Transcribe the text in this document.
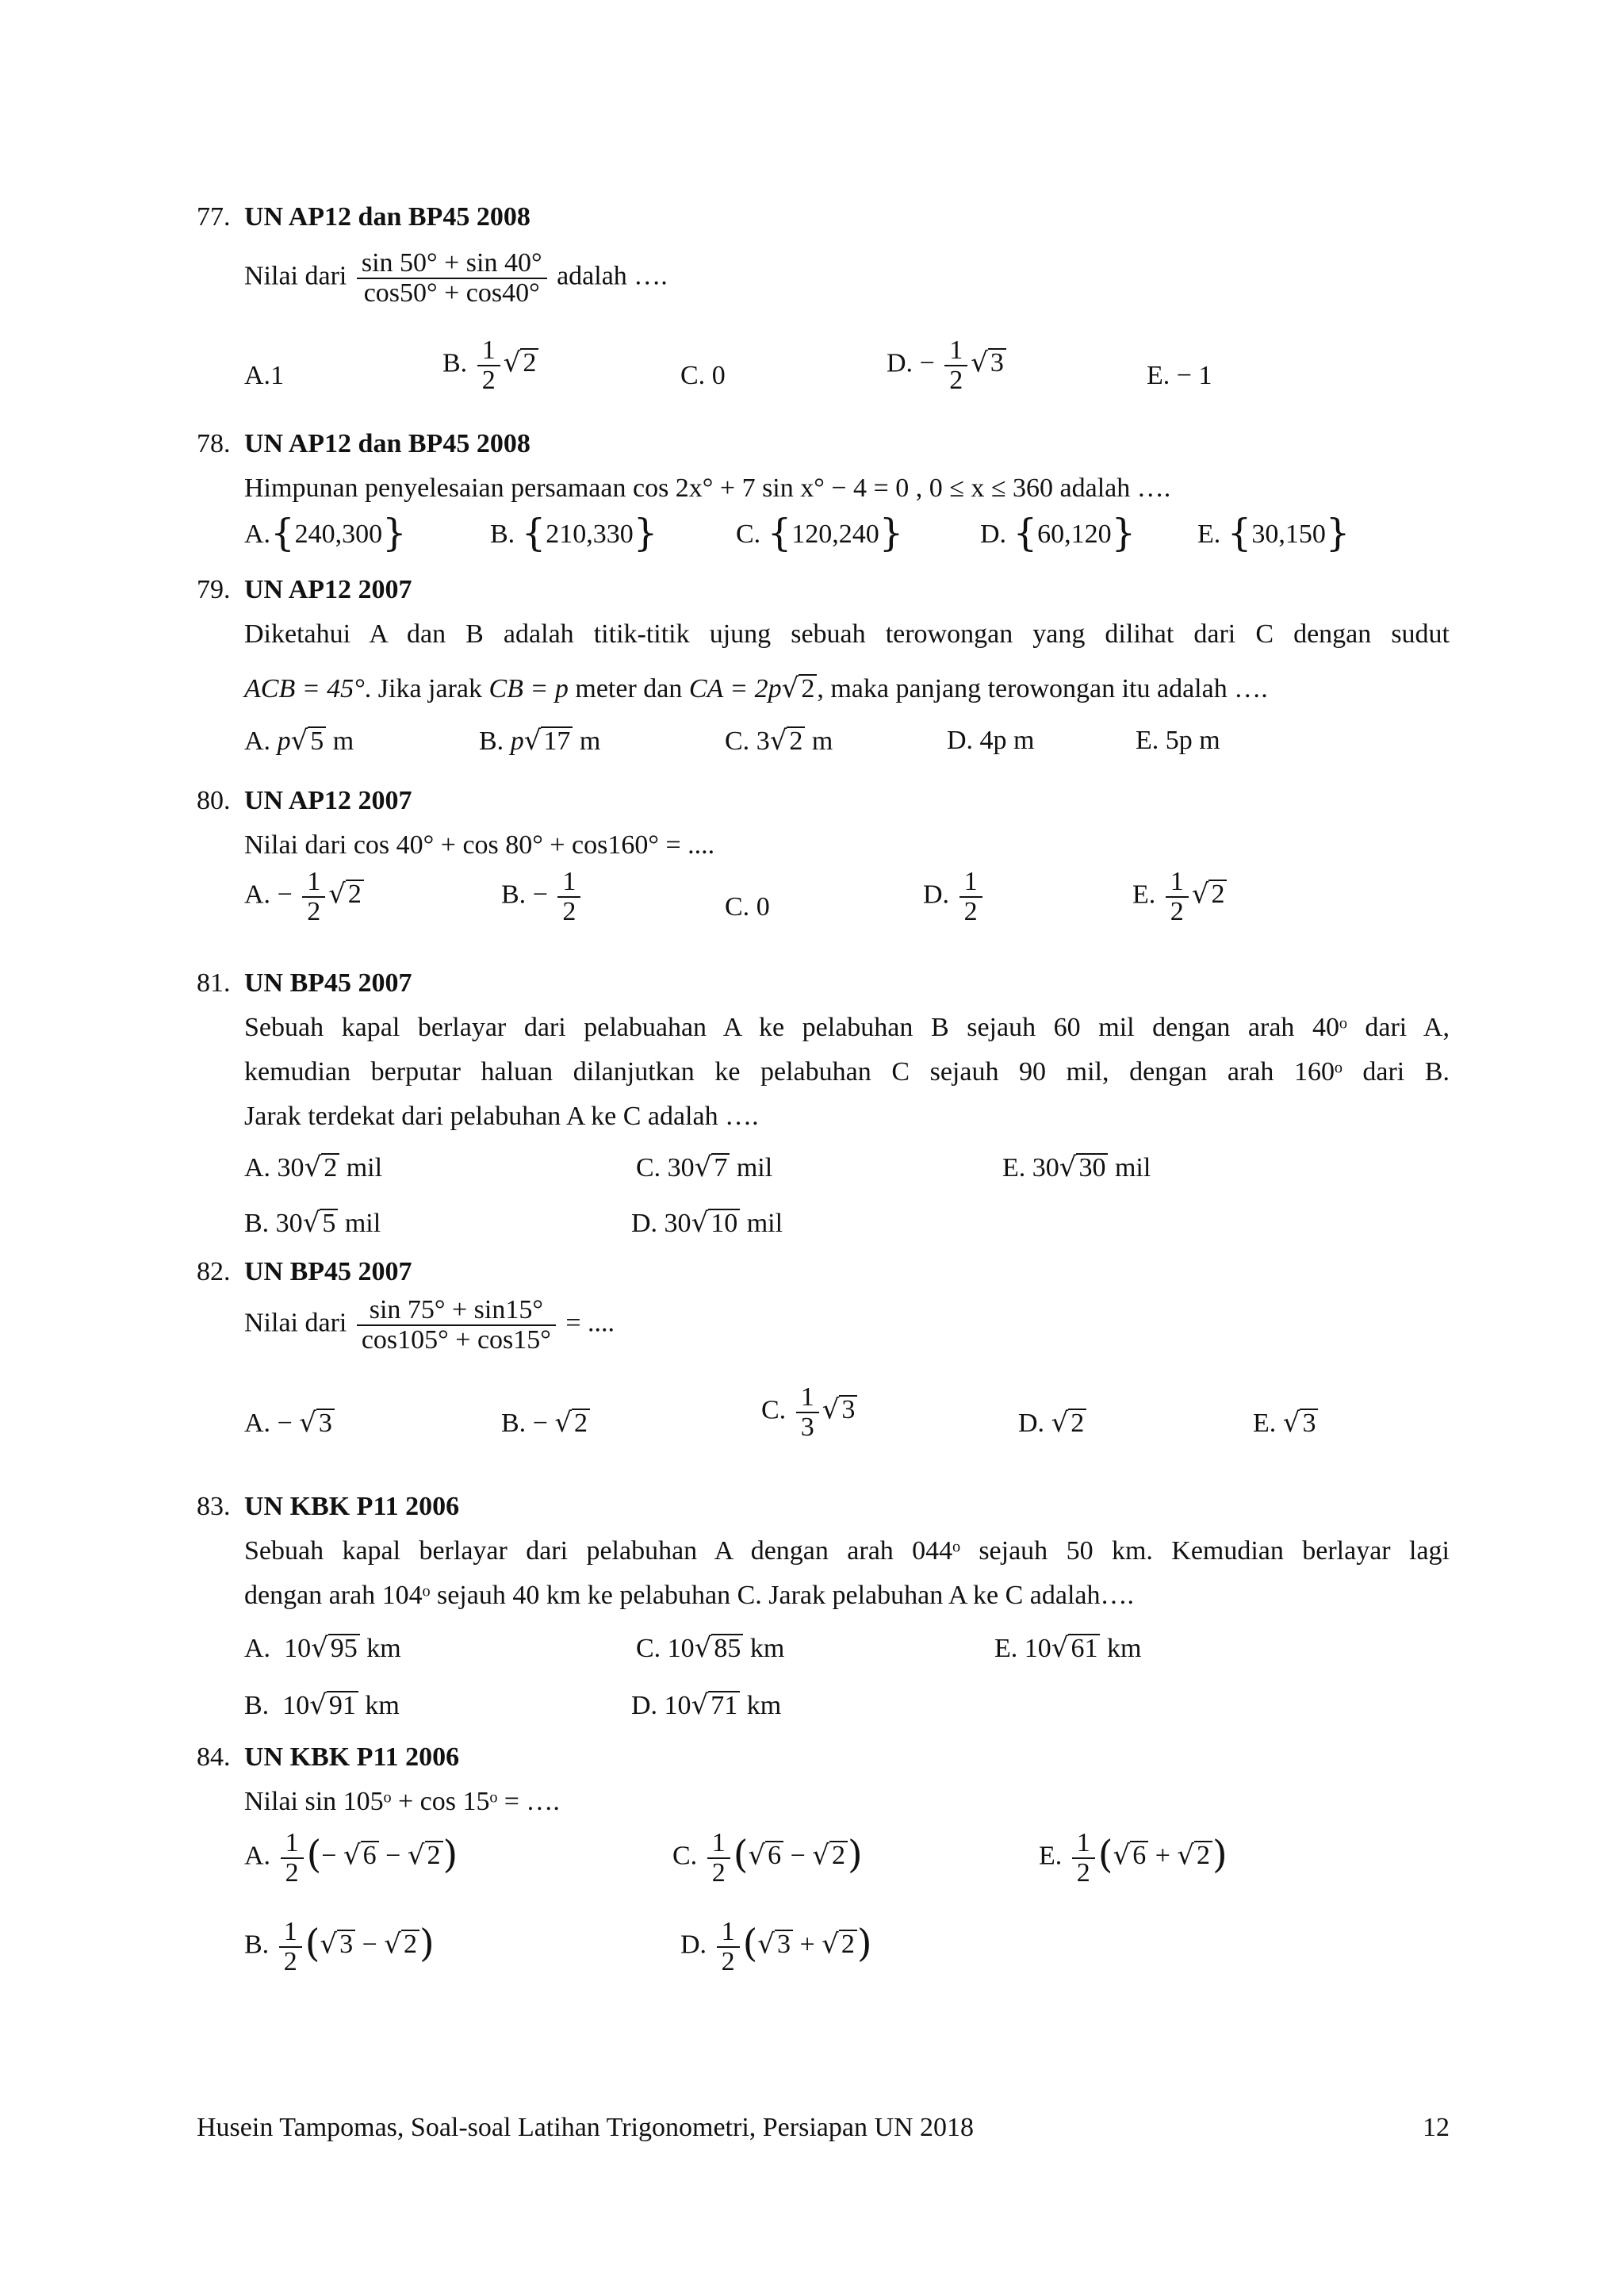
77. UN AP12 dan BP45 2008
Nilai dari $\frac{\sin 50^\circ + \sin 40^\circ}{\cos 50^\circ + \cos 40^\circ}$ adalah ….
A.1	B. $\frac{1}{2} √2$	C. 0	D. − $\frac{1}{2} √3$	E. − 1
78. UN AP12 dan BP45 2008
Himpunan penyelesaian persamaan cos 2x° + 7 sin x° − 4 = 0 , 0 ≤ x ≤ 360 adalah ….
A.{240,300}	B. {210,330}	C. {120,240}	D. {60,120} E. {30,150}
79. UN AP12 2007
Diketahui A dan B adalah titik-titik ujung sebuah terowongan yang dilihat dari C dengan sudut
ACB = 45°. Jika jarak CB = p meter dan CA = 2p√2, maka panjang terowongan itu adalah ….
A. p√5 m	B. p√17 m	C. 3√2 m	D. 4p m	E. 5p m
80. UN AP12 2007
Nilai dari cos 40° + cos 80° + cos160° = ....
A. − $\frac{1}{2} √2$	B. − $\frac{1}{2}$	C. 0	D. $\frac{1}{2}$	E. $\frac{1}{2} √2$
81. UN BP45 2007
Sebuah kapal berlayar dari pelabuahan A ke pelabuhan B sejauh 60 mil dengan arah 40ᵒ dari A,
kemudian berputar haluan dilanjutkan ke pelabuhan C sejauh 90 mil, dengan arah 160ᵒ dari B.
Jarak terdekat dari pelabuhan A ke C adalah ….
A. 30√2 mil	C. 30√7 mil	E. 30√30 mil
B. 30√5 mil	D. 30√10 mil
82. UN BP45 2007
Nilai dari $\frac{\sin 75^\circ + \sin 15^\circ}{\cos 105^\circ + \cos 15^\circ}$ = ....
A. − √3	B. − √2	C. $\frac{1}{3} √3$	D. √2	E. √3
83. UN KBK P11 2006
Sebuah kapal berlayar dari pelabuhan A dengan arah 044ᵒ sejauh 50 km. Kemudian berlayar lagi
dengan arah 104ᵒ sejauh 40 km ke pelabuhan C. Jarak pelabuhan A ke C adalah….
A. 10√95 km	C. 10√85 km	E. 10√61 km
B. 10√91 km	D. 10√71 km
84. UN KBK P11 2006
Nilai sin 105ᵒ + cos 15ᵒ = ….
A. $\frac{1}{2}$ (− √6 − √2)	C. $\frac{1}{2} (√6 - √2)$	E. $\frac{1}{2} (√6 + √2)$
B. $\frac{1}{2} (√3 - √2)$	D. $\frac{1}{2} (√3 + √2)$
Husein Tampomas, Soal-soal Latihan Trigonometri, Persiapan UN 2018	12
